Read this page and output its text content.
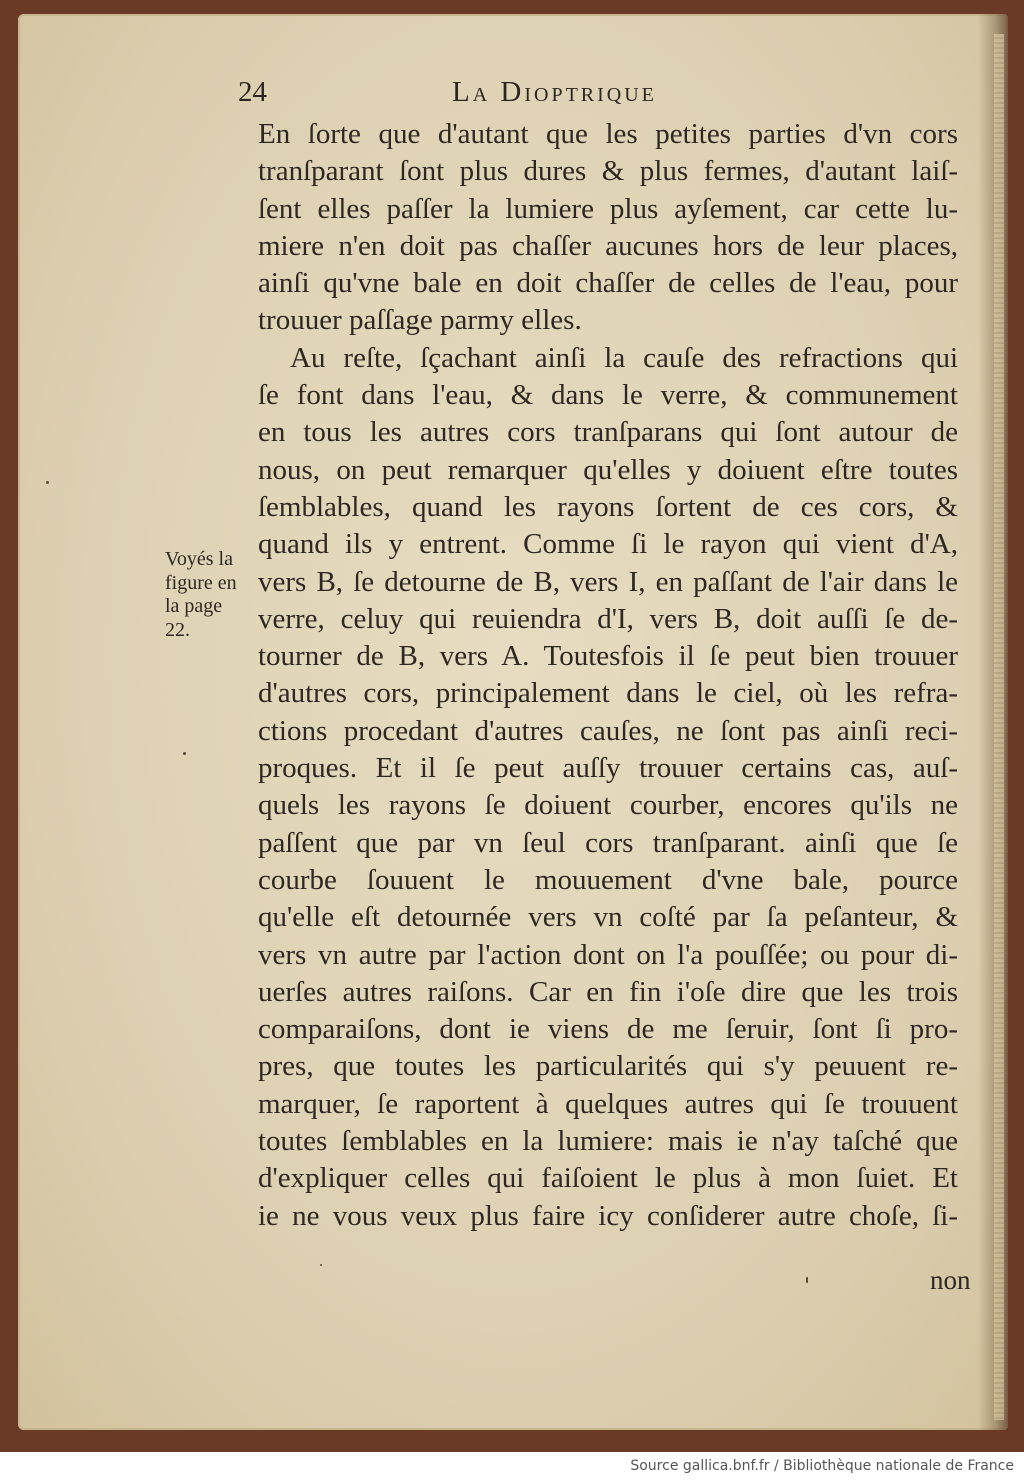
24	La Dioptrique
En ſorte que d'autant que les petites parties d'vn cors
tranſparant ſont plus dures & plus fermes, d'autant laiſ-
ſent elles paſſer la lumiere plus ayſement, car cette lu-
miere n'en doit pas chaſſer aucunes hors de leur places,
ainſi qu'vne bale en doit chaſſer de celles de l'eau, pour
trouuer paſſage parmy elles.
Au reſte, ſçachant ainſi la cauſe des refractions qui
ſe font dans l'eau, & dans le verre, & communement
en tous les autres cors tranſparans qui ſont autour de
nous, on peut remarquer qu'elles y doiuent eſtre toutes
ſemblables, quand les rayons ſortent de ces cors, &
quand ils y entrent. Comme ſi le rayon qui vient d'A,
vers B, ſe detourne de B, vers I, en paſſant de l'air dans le
verre, celuy qui reuiendra d'I, vers B, doit auſſi ſe de-
tourner de B, vers A. Toutesfois il ſe peut bien trouuer
d'autres cors, principalement dans le ciel, où les refra-
ctions procedant d'autres cauſes, ne ſont pas ainſi reci-
proques. Et il ſe peut auſſy trouuer certains cas, auſ-
quels les rayons ſe doiuent courber, encores qu'ils ne
paſſent que par vn ſeul cors tranſparant. ainſi que ſe
courbe ſouuent le mouuement d'vne bale, pource
qu'elle eſt detournée vers vn coſté par ſa peſanteur, &
vers vn autre par l'action dont on l'a pouſſée; ou pour di-
uerſes autres raiſons. Car en fin i'oſe dire que les trois
comparaiſons, dont ie viens de me ſeruir, ſont ſi pro-
pres, que toutes les particularités qui s'y peuuent re-
marquer, ſe raportent à quelques autres qui ſe trouuent
toutes ſemblables en la lumiere: mais ie n'ay taſché que
d'expliquer celles qui faiſoient le plus à mon ſuiet. Et
ie ne vous veux plus faire icy conſiderer autre choſe, ſi-
non
Voyés la
figure en
la page
22.
Source gallica.bnf.fr / Bibliothèque nationale de France
